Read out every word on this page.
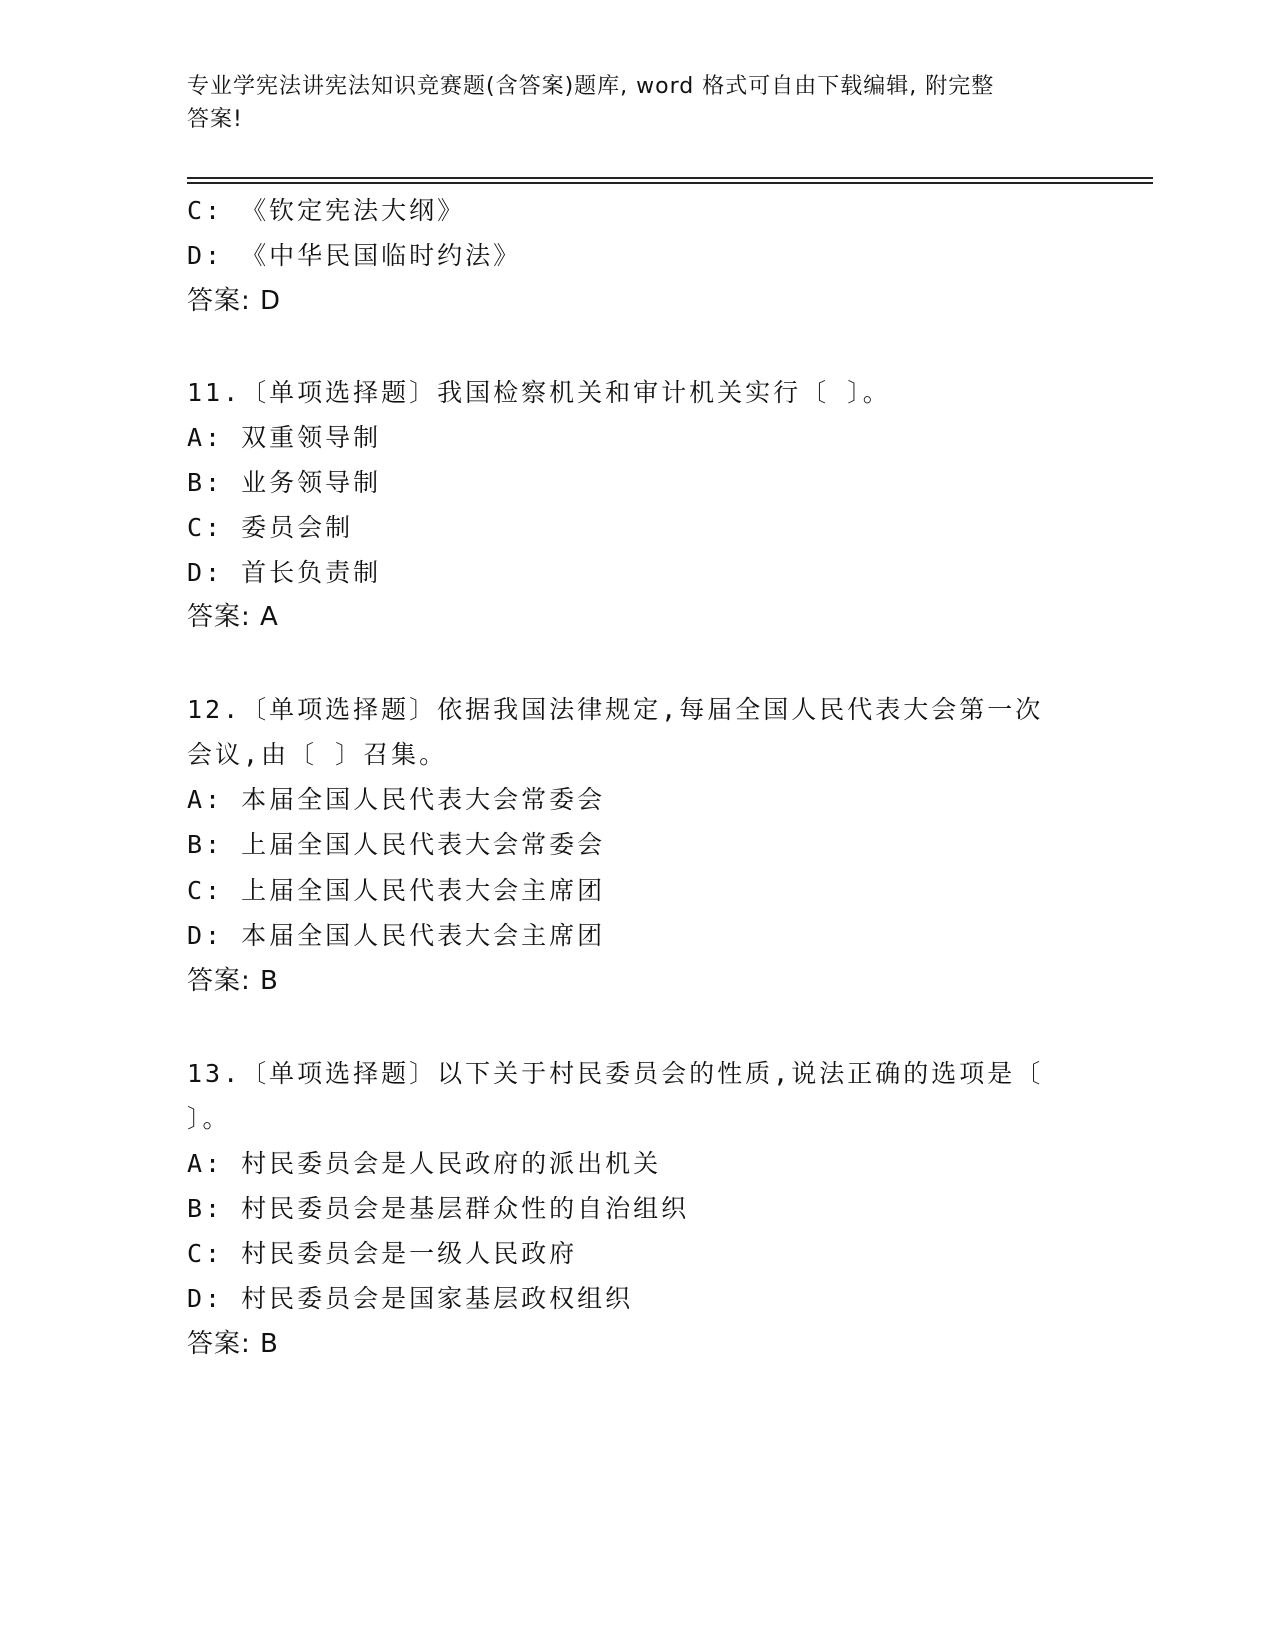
专业学宪法讲宪法知识竞赛题(含答案)题库, word 格式可自由下载编辑, 附完整
答案!
C: 《钦定宪法大纲》
D: 《中华民国临时约法》
答案: D
11.〔单项选择题〕我国检察机关和审计机关实行〔 〕。
A: 双重领导制
B: 业务领导制
C: 委员会制
D: 首长负责制
答案: A
12.〔单项选择题〕依据我国法律规定,每届全国人民代表大会第一次
会议,由〔 〕召集。
A: 本届全国人民代表大会常委会
B: 上届全国人民代表大会常委会
C: 上届全国人民代表大会主席团
D: 本届全国人民代表大会主席团
答案: B
13.〔单项选择题〕以下关于村民委员会的性质,说法正确的选项是〔
〕。
A: 村民委员会是人民政府的派出机关
B: 村民委员会是基层群众性的自治组织
C: 村民委员会是一级人民政府
D: 村民委员会是国家基层政权组织
答案: B
